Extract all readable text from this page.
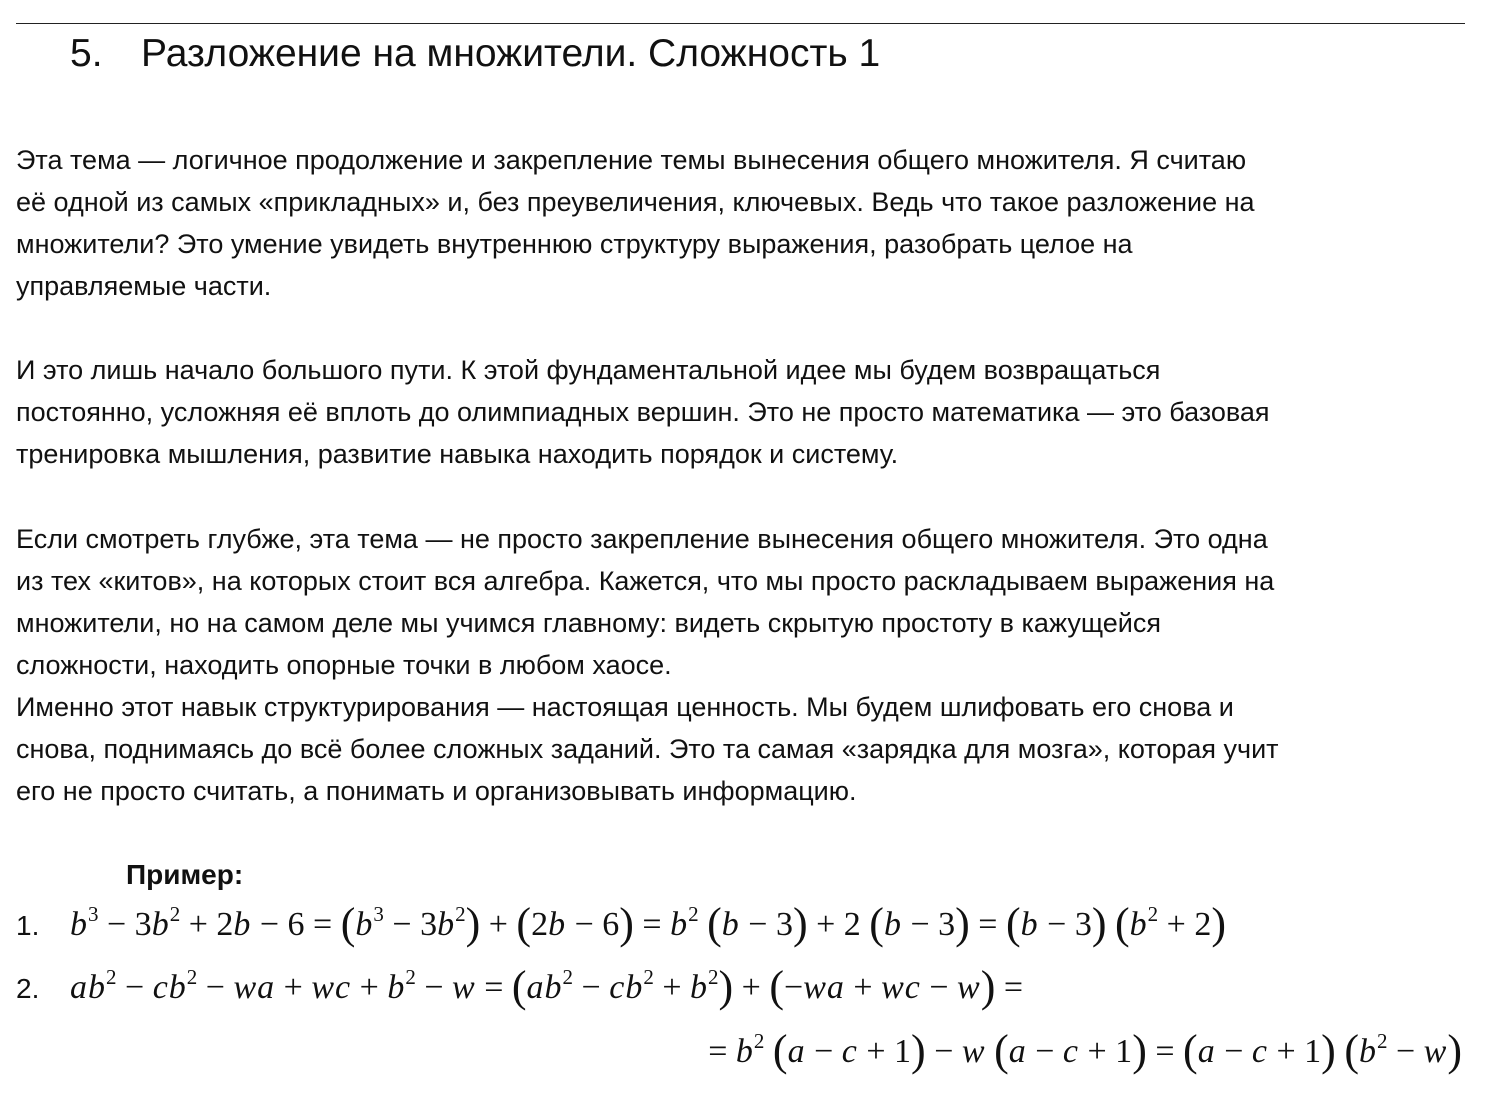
5. Разложение на множители. Сложность 1

Эта тема — логичное продолжение и закрепление темы вынесения общего множителя. Я считаю
её одной из самых «прикладных» и, без преувеличения, ключевых. Ведь что такое разложение на
множители? Это умение увидеть внутреннюю структуру выражения, разобрать целое на
управляемые части.

И это лишь начало большого пути. К этой фундаментальной идее мы будем возвращаться
постоянно, усложняя её вплоть до олимпиадных вершин. Это не просто математика — это базовая
тренировка мышления, развитие навыка находить порядок и систему.

Если смотреть глубже, эта тема — не просто закрепление вынесения общего множителя. Это одна
из тех «китов», на которых стоит вся алгебра. Кажется, что мы просто раскладываем выражения на
множители, но на самом деле мы учимся главному: видеть скрытую простоту в кажущейся
сложности, находить опорные точки в любом хаосе.
Именно этот навык структурирования — настоящая ценность. Мы будем шлифовать его снова и
снова, поднимаясь до всё более сложных заданий. Это та самая «зарядка для мозга», которая учит
его не просто считать, а понимать и организовывать информацию.

Пример:
1. $b^3 - 3b^2 + 2b - 6 = (b^3 - 3b^2) + (2b - 6) = b^2$ (b − 3) + 2 (b − 3) = (b − 3) $(b^2 + 2)$
2. $ab^2 - cb^2$ − wa + wc + $b^2 - w = (ab^2 - cb^2 + b^2) + (-wa$ + wc − w) =
= $b^2$ (a − c + 1) − w (a − c + 1) = (a − c + 1) $(b^2 - w)$
